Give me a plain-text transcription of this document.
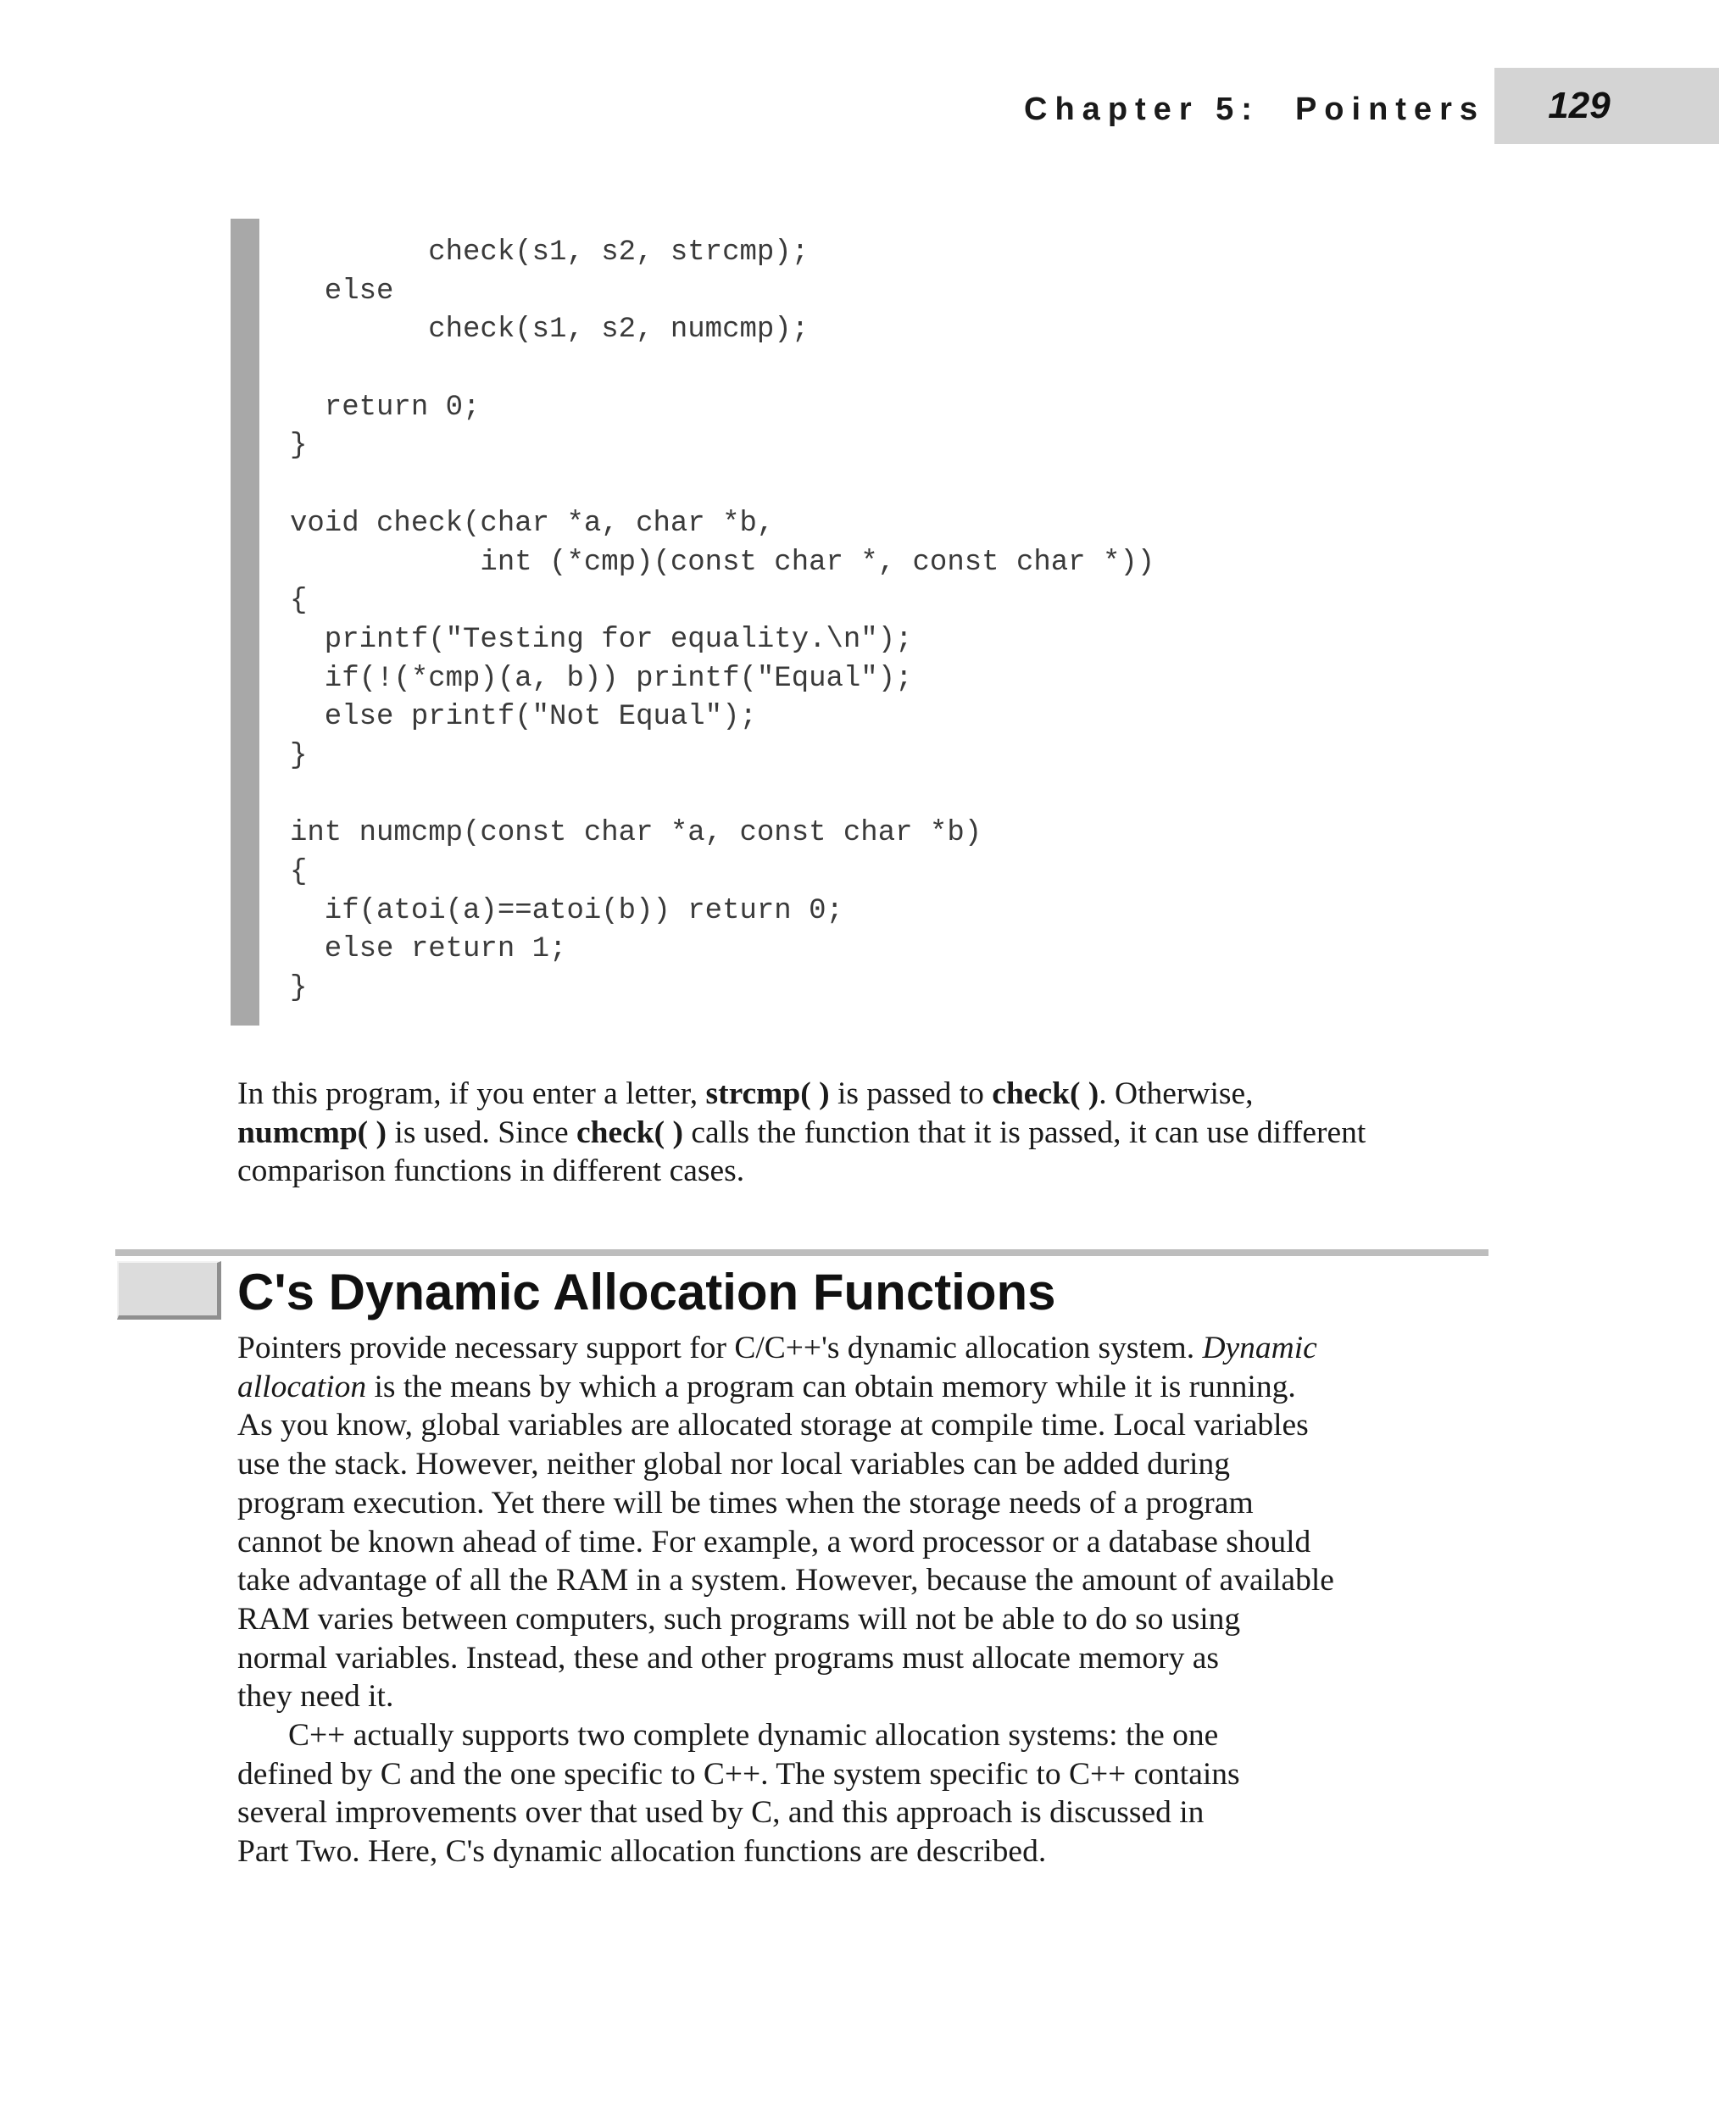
Chapter 5: Pointers	129
check(s1, s2, strcmp);
else
check(s1, s2, numcmp);
return 0;
}
void check(char *a, char *b,
int (*cmp)(const char *, const char *))
{
printf("Testing for equality.\n");
if(!(*cmp)(a, b)) printf("Equal");
else printf("Not Equal");
}
int numcmp(const char *a, const char *b)
{
if(atoi(a)==atoi(b)) return 0;
else return 1;
}
In this program, if you enter a letter, strcmp( ) is passed to check( ). Otherwise,
numcmp( ) is used. Since check( ) calls the function that it is passed, it can use different
comparison functions in different cases.
C's Dynamic Allocation Functions
Pointers provide necessary support for C/C++'s dynamic allocation system. Dynamic
allocation is the means by which a program can obtain memory while it is running.
As you know, global variables are allocated storage at compile time. Local variables
use the stack. However, neither global nor local variables can be added during
program execution. Yet there will be times when the storage needs of a program
cannot be known ahead of time. For example, a word processor or a database should
take advantage of all the RAM in a system. However, because the amount of available
RAM varies between computers, such programs will not be able to do so using
normal variables. Instead, these and other programs must allocate memory as
they need it.
C++ actually supports two complete dynamic allocation systems: the one
defined by C and the one specific to C++. The system specific to C++ contains
several improvements over that used by C, and this approach is discussed in
Part Two. Here, C's dynamic allocation functions are described.
